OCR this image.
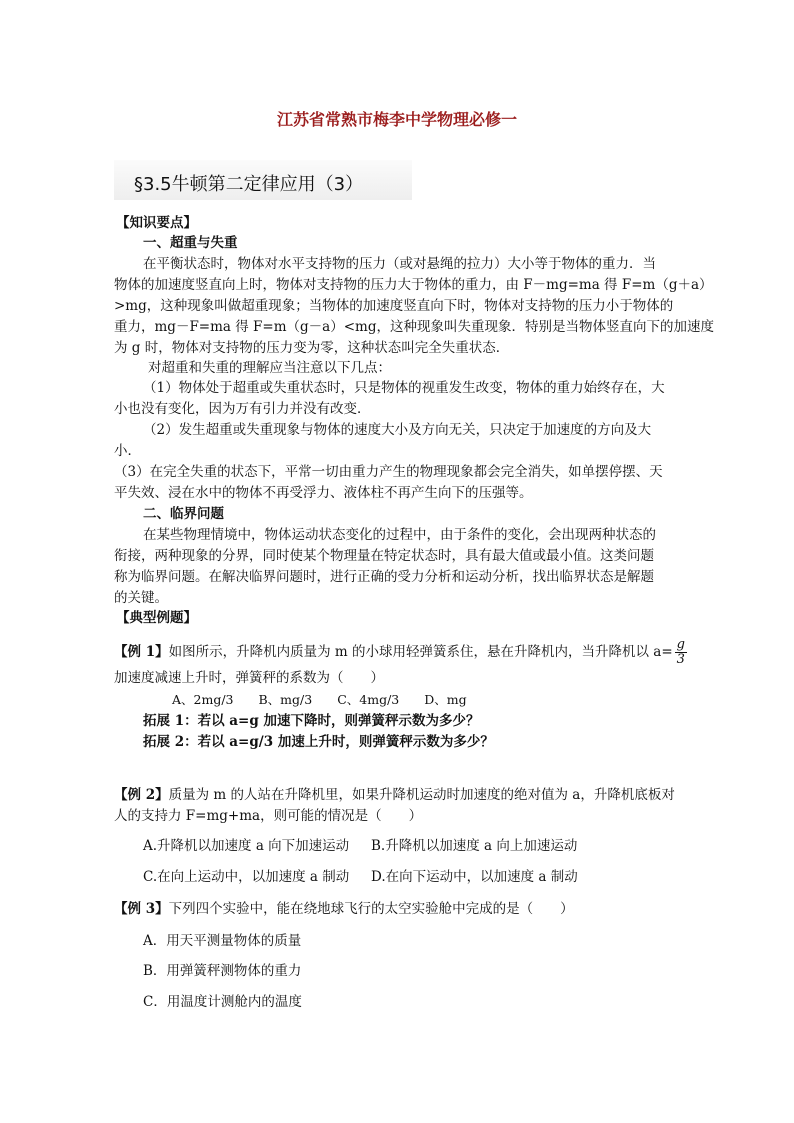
江苏省常熟市梅李中学物理必修一
§3.5牛顿第二定律应用（3）
【知识要点】
一、超重与失重
在平衡状态时，物体对水平支持物的压力（或对悬绳的拉力）大小等于物体的重力．当
物体的加速度竖直向上时，物体对支持物的压力大于物体的重力，由 F－mg=ma 得 F=m（g＋a）
>mg，这种现象叫做超重现象；当物体的加速度竖直向下时，物体对支持物的压力小于物体的
重力，mg－F=ma 得 F=m（g－a）<mg，这种现象叫失重现象．特别是当物体竖直向下的加速度
为 g 时，物体对支持物的压力变为零，这种状态叫完全失重状态．
对超重和失重的理解应当注意以下几点：
（1）物体处于超重或失重状态时，只是物体的视重发生改变，物体的重力始终存在，大
小也没有变化，因为万有引力并没有改变．
（2）发生超重或失重现象与物体的速度大小及方向无关，只决定于加速度的方向及大
小．
（3）在完全失重的状态下，平常一切由重力产生的物理现象都会完全消失，如单摆停摆、天
平失效、浸在水中的物体不再受浮力、液体柱不再产生向下的压强等。
二、临界问题
在某些物理情境中，物体运动状态变化的过程中，由于条件的变化，会出现两种状态的
衔接，两种现象的分界，同时使某个物理量在特定状态时，具有最大值或最小值。这类问题
称为临界问题。在解决临界问题时，进行正确的受力分析和运动分析，找出临界状态是解题
的关键。
【典型例题】
【例 1】如图所示，升降机内质量为 m 的小球用轻弹簧系住，悬在升降机内，当升降机以 $a= \frac{g}{3}$
加速度减速上升时，弹簧秤的系数为（　　）
A、2mg/3　　B、mg/3　　C、4mg/3　　D、mg
拓展 1：若以 a=g 加速下降时，则弹簧秤示数为多少？
拓展 2：若以 a=g/3 加速上升时，则弹簧秤示数为多少？
【例 2】质量为 m 的人站在升降机里，如果升降机运动时加速度的绝对值为 a，升降机底板对
人的支持力 F=mg+ma，则可能的情况是（　　）
A.升降机以加速度 a 向下加速运动 B.升降机以加速度 a 向上加速运动
C.在向上运动中，以加速度 a 制动 D.在向下运动中，以加速度 a 制动
【例 3】下列四个实验中，能在绕地球飞行的太空实验舱中完成的是（　　）
A．用天平测量物体的质量
B．用弹簧秤测物体的重力
C．用温度计测舱内的温度
